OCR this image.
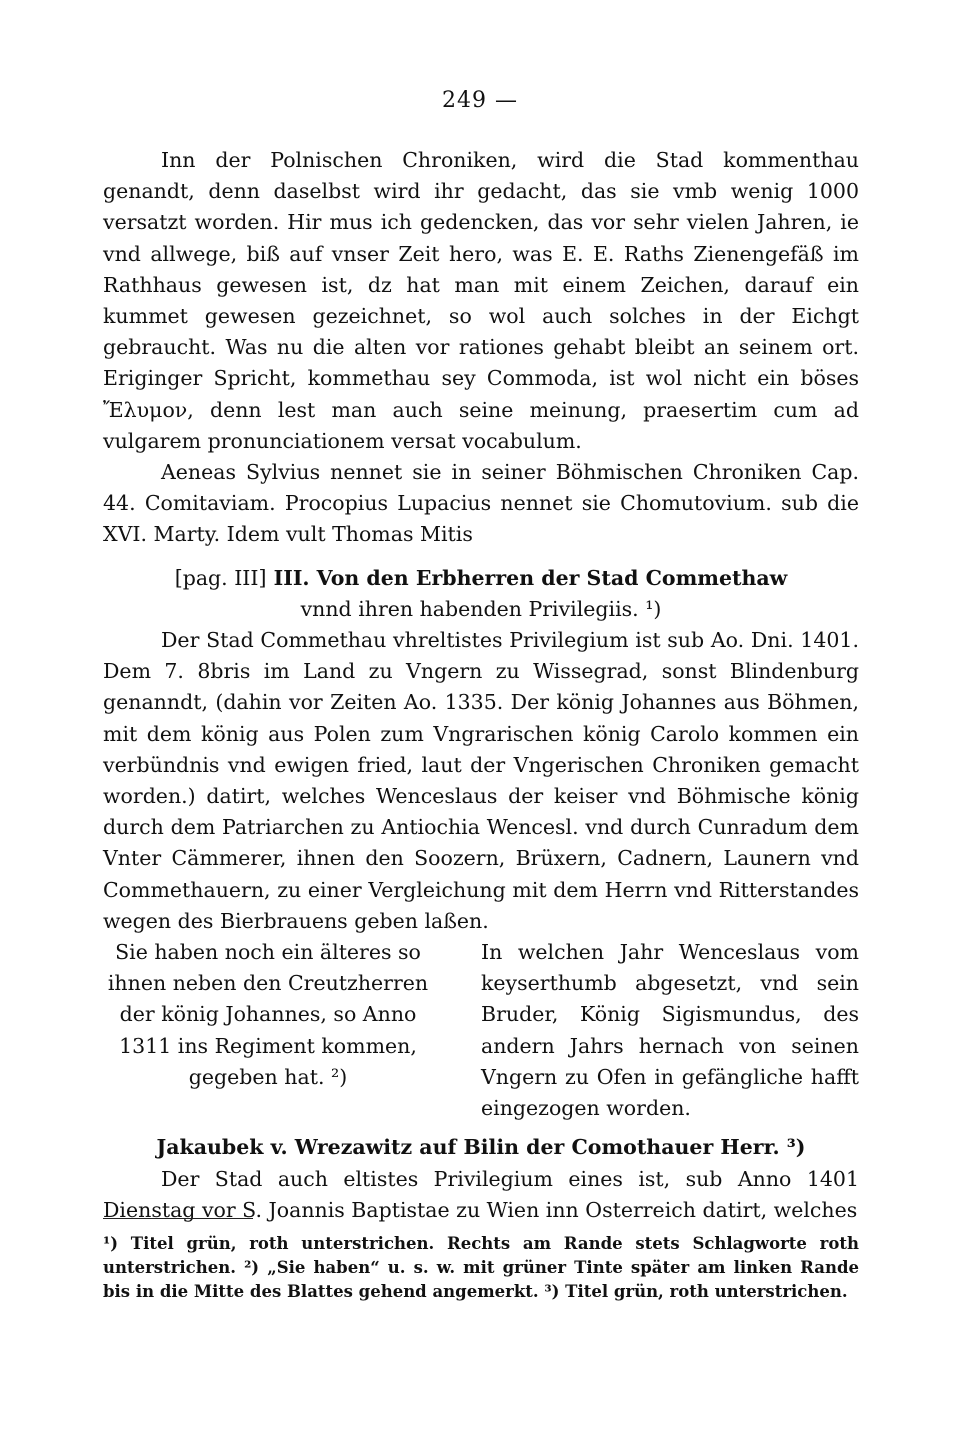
249 —

Inn der Polnischen Chroniken, wird die Stad kommenthau genandt, denn daselbst wird ihr gedacht, das sie vmb wenig 1000 versatzt worden. Hir mus ich gedencken, das vor sehr vielen Jahren, ie vnd allwege, biß auf vnser Zeit hero, was E. E. Raths Zienengefäß im Rathhaus gewesen ist, dz hat man mit einem Zeichen, darauf ein kummet gewesen gezeichnet, so wol auch solches in der Eichgt gebraucht. Was nu die alten vor rationes gehabt bleibt an seinem ort. Eriginger Spricht, kommethau sey Commoda, ist wol nicht ein böses Ἔλυμον, denn lest man auch seine meinung, praesertim cum ad vulgarem pronunciationem versat vocabulum.

Aeneas Sylvius nennet sie in seiner Böhmischen Chroniken Cap. 44. Comitaviam. Procopius Lupacius nennet sie Chomutovium. sub die XVI. Marty. Idem vult Thomas Mitis

[pag. III] III. Von den Erbherren der Stad Commethaw

vnnd ihren habenden Privilegiis. ¹)

Der Stad Commethau vhreltistes Privilegium ist sub Ao. Dni. 1401. Dem 7. 8bris im Land zu Vngern zu Wissegrad, sonst Blindenburg genanndt, (dahin vor Zeiten Ao. 1335. Der könig Johannes aus Böhmen, mit dem könig aus Polen zum Vngrarischen könig Carolo kommen ein verbündnis vnd ewigen fried, laut der Vngerischen Chroniken gemacht worden.) datirt, welches Wenceslaus der keiser vnd Böhmische könig durch dem Patriarchen zu Antiochia Wencesl. vnd durch Cunradum dem Vnter Cämmerer, ihnen den Soozern, Brüxern, Cadnern, Launern vnd Commethauern, zu einer Vergleichung mit dem Herrn vnd Ritterstandes wegen des Bierbrauens geben laßen.

Sie haben noch ein älteres so ihnen neben den Creutzherren der könig Johannes, so Anno 1311 ins Regiment kommen, gegeben hat. ²)
In welchen Jahr Wenceslaus vom keyserthumb abgesetzt, vnd sein Bruder, König Sigismundus, des andern Jahrs hernach von seinen Vngern zu Ofen in gefängliche hafft eingezogen worden.

Jakaubek v. Wrezawitz auf Bilin der Comothauer Herr. ³)

Der Stad auch eltistes Privilegium eines ist, sub Anno 1401 Dienstag vor S. Joannis Baptistae zu Wien inn Osterreich datirt, welches

¹) Titel grün, roth unterstrichen. Rechts am Rande stets Schlagworte roth unterstrichen. ²) „Sie haben“ u. s. w. mit grüner Tinte später am linken Rande bis in die Mitte des Blattes gehend angemerkt. ³) Titel grün, roth unterstrichen.
